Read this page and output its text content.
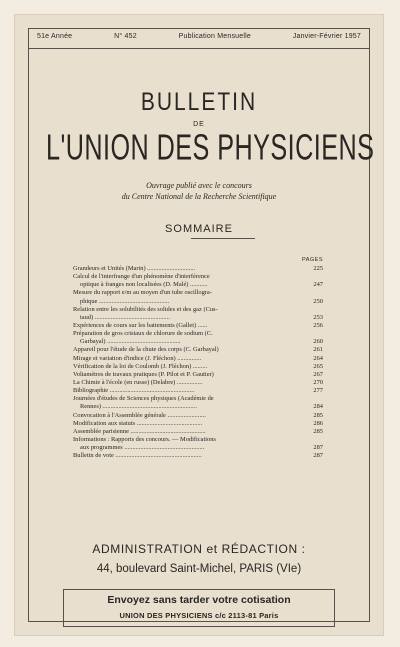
51e Année	N° 452	Publication Mensuelle	Janvier-Février 1957
BULLETIN
DE
L'UNION DES PHYSICIENS
Ouvrage publié avec le concours
du Centre National de la Recherche Scientifique
SOMMAIRE
PAGES
Grandeurs et Unités (Marin) ..............................	225
Calcul de l'interfrange d'un phénomène d'interférence
optique à franges non localisées (D. Malé) ...........	247
Mesure du rapport e/m au moyen d'un tube oscillogra-
phique ............................................	250
Relation entre les solubilités des solides et des gaz (Cus-
taud) ...............................................	253
Expériences de cours sur les battements (Gallet) ......	256
Préparation de gros cristaux de chlorure de sodium (C.
Garbayal) ..............................................	260
Appareil pour l'étude de la chute des corps (C. Garbayal)	261
Mirage et variation d'indice (J. Fléchon) ...............	264
Vérification de la loi de Coulomb (J. Fléchon) .........	265
Voltamètres de travaux pratiques (P. Pilot et P. Gautier)	267
La Chimie à l'école (en russe) (Delabre) ................	270
Bibliographie .....................................................	277
Journées d'études de Sciences physiques (Académie de
Rennes) ...........................................................	284
Convocation à l'Assemblée générale ........................	285
Modification aux statuts .........................................	286
Assemblée parisienne ...............................................	285
Informations : Rapports des concours. — Modifications
aux programmes ..................................................	287
Bulletin de vote ......................................................	287
ADMINISTRATION et RÉDACTION :
44, boulevard Saint-Michel, PARIS (VIe)
Envoyez sans tarder votre cotisation
UNION DES PHYSICIENS c/c 2113-81 Paris
